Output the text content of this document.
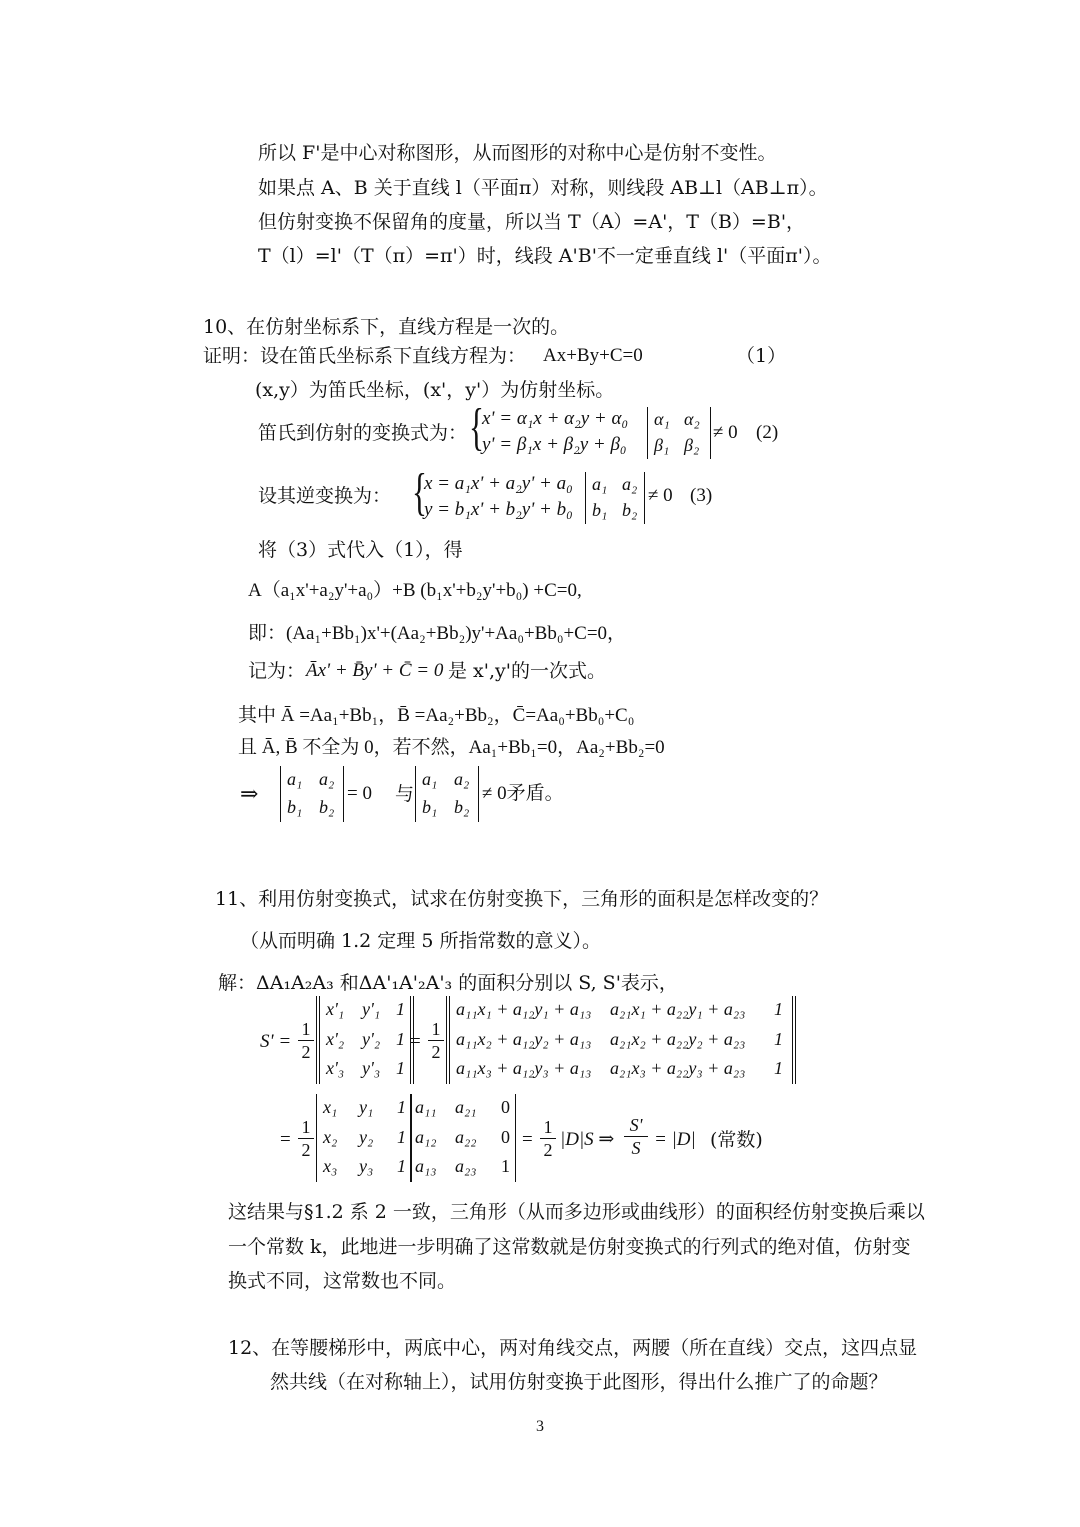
所以 F'是中心对称图形，从而图形的对称中心是仿射不变性。
如果点 A、B 关于直线 l（平面π）对称，则线段 AB⊥l（AB⊥π）。
但仿射变换不保留角的度量，所以当 T（A）=A'，T（B）=B'，
T（l）=l'（T（π）=π'）时，线段 A'B'不一定垂直线 l'（平面π'）。
10、在仿射坐标系下，直线方程是一次的。
证明：设在笛氏坐标系下直线方程为： Ax+By+C=0	（1）
(x,y）为笛氏坐标，(x'，y'）为仿射坐标。
笛氏到仿射的变换式为： {
x' = α₁x + α₂y + α₀
y' = β₁x + β₂y + β₀
α₁ α₂
β₁ β₂
≠ 0 (2)
设其逆变换为： {
x = a₁x' + a₂y' + a₀
y = b₁x' + b₂y' + b₀
a₁ a₂
b₁ b₂
≠ 0 (3)
将（3）式代入（1），得
A（a₁x'+a₂y'+a₀）+B (b₁x'+b₂y'+b₀) +C=0,
即：(Aa₁+Bb₁)x'+(Aa₂+Bb₂)y'+Aa₀+Bb₀+C=0，
记为： Āx' + B̄y' + C̄ = 0 是 x',y'的一次式。
其中 Ā =Aa₁+Bb₁，B̄ =Aa₂+Bb₂，C̄=Aa₀+Bb₀+C₀
且 Ā, B̄ 不全为 0，若不然，Aa₁+Bb₁=0，Aa₂+Bb₂=0
⇒
a₁ a₂
b₁ b₂
= 0 与
a₁ a₂
b₁ b₂
≠ 0矛盾。
11、利用仿射变换式，试求在仿射变换下，三角形的面积是怎样改变的？
（从而明确 1.2 定理 5 所指常数的意义）。
解：ΔA₁A₂A₃ 和ΔA'₁A'₂A'₃ 的面积分别以 S, S'表示，
$S' = \frac{1}{2}$
x'₁ y'₁ 1
x'₂ y'₂ 1
x'₃ y'₃ 1
= $\frac{1}{2}$
a₁₁x₁ + a₁₂y₁ + a₁₃ a₂₁x₁ + a₂₂y₁ + a₂₃ 1
a₁₁x₂ + a₁₂y₂ + a₁₃ a₂₁x₂ + a₂₂y₂ + a₂₃ 1
a₁₁x₃ + a₁₂y₃ + a₁₃ a₂₁x₃ + a₂₂y₃ + a₂₃ 1
= $\frac{1}{2}$
x₁ y₁ 1
x₂ y₂ 1
x₃ y₃ 1
a₁₁ a₂₁ 0
a₁₂ a₂₂ 0
a₁₃ a₂₃ 1
= $\frac{1}{2} |D|S$ ⇒ $\frac{S'}{S} = |D|$ (常数)
这结果与§1.2 系 2 一致，三角形（从而多边形或曲线形）的面积经仿射变换后乘以
一个常数 k，此地进一步明确了这常数就是仿射变换式的行列式的绝对值，仿射变
换式不同，这常数也不同。
12、在等腰梯形中，两底中心，两对角线交点，两腰（所在直线）交点，这四点显
然共线（在对称轴上），试用仿射变换于此图形，得出什么推广了的命题？
3
